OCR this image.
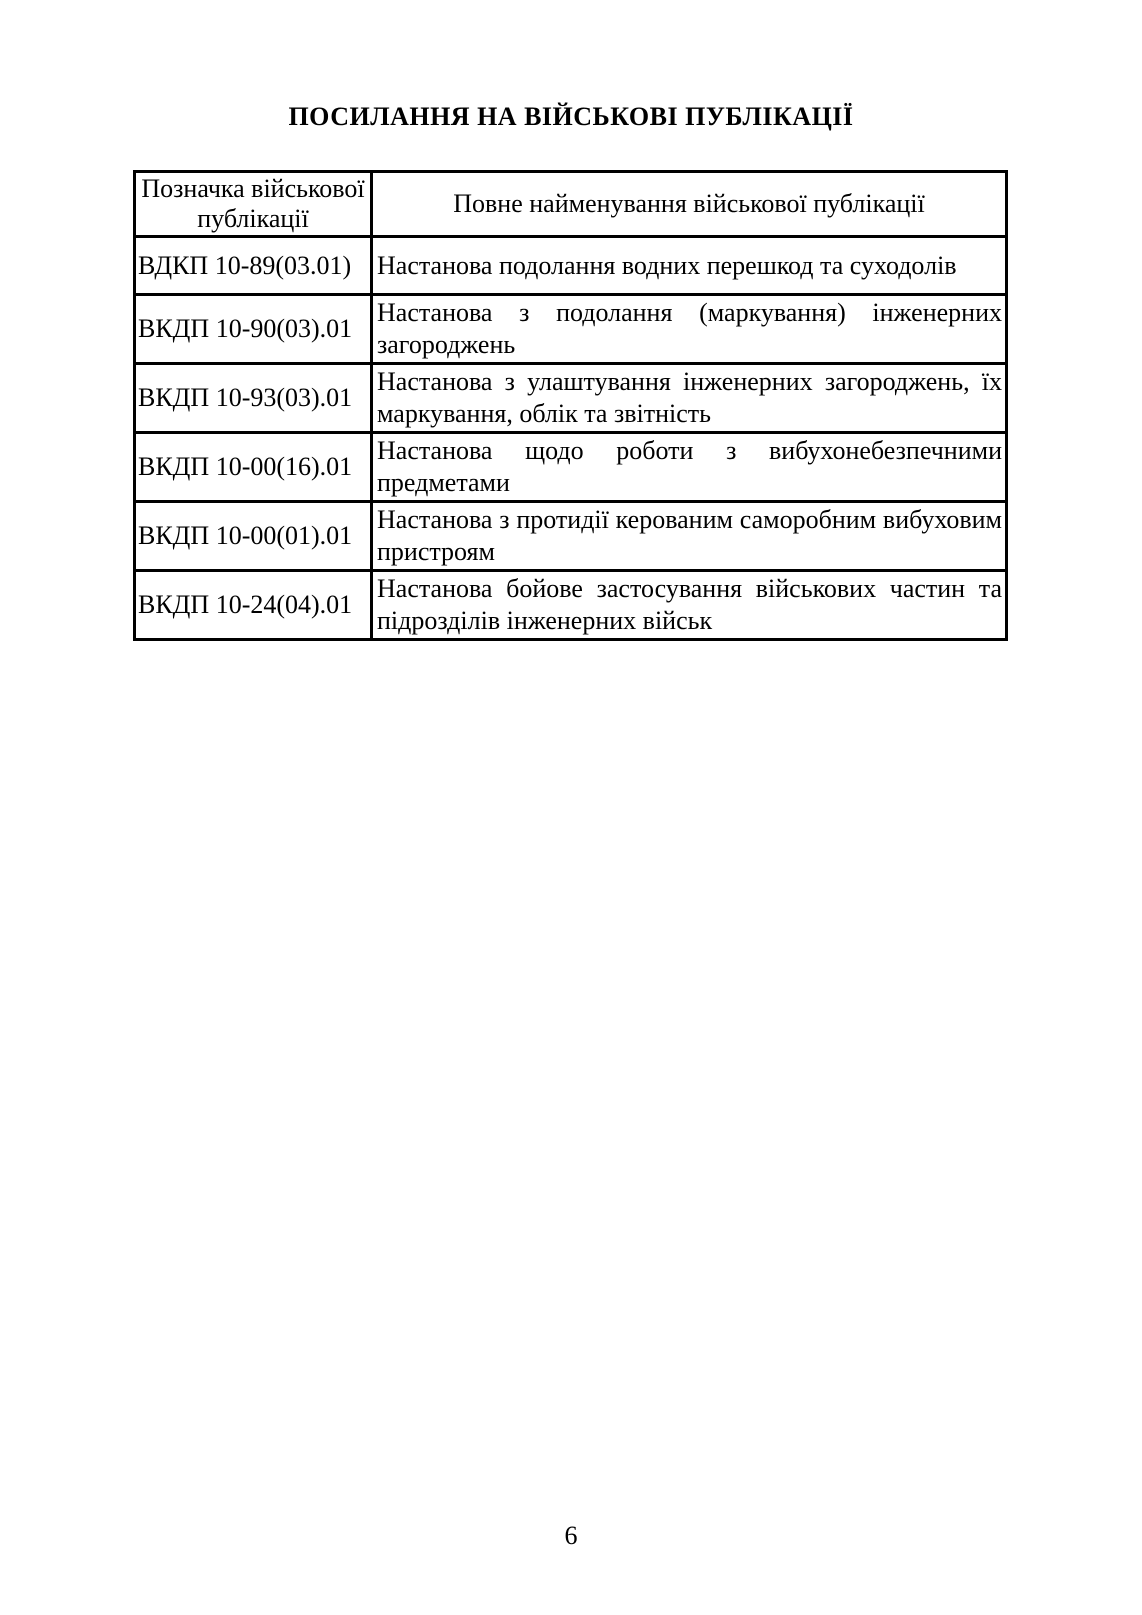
ПОСИЛАННЯ НА ВІЙСЬКОВІ ПУБЛІКАЦІЇ
Позначка військової публікації	Повне найменування військової публікації
ВДКП 10-89(03.01)	Настанова подолання водних перешкод та суходолів
ВКДП 10-90(03).01	Настанова з подолання (маркування) інженерних загороджень
ВКДП 10-93(03).01	Настанова з улаштування інженерних загороджень, їх маркування, облік та звітність
ВКДП 10-00(16).01	Настанова щодо роботи з вибухонебезпечними предметами
ВКДП 10-00(01).01	Настанова з протидії керованим саморобним вибуховим пристроям
ВКДП 10-24(04).01	Настанова бойове застосування військових частин та підрозділів інженерних військ
6
